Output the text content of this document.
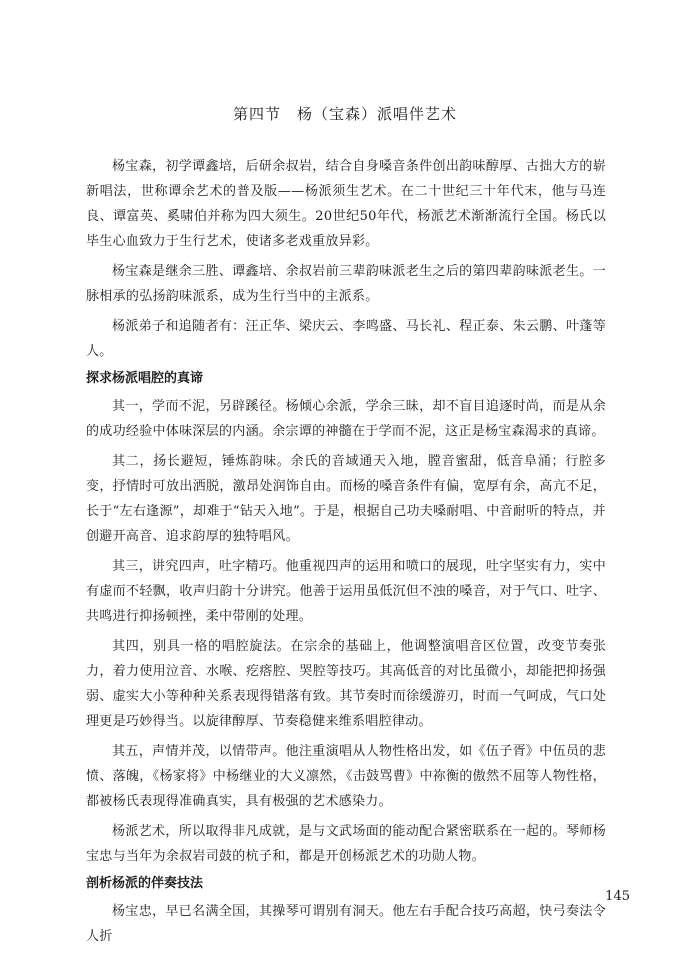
第四节　杨（宝森）派唱伴艺术

杨宝森，初学谭鑫培，后研余叔岩，结合自身嗓音条件创出韵味醇厚、古拙大方的崭新唱法，世称谭余艺术的普及版——杨派须生艺术。在二十世纪三十年代末，他与马连良、谭富英、奚啸伯并称为四大须生。20世纪50年代，杨派艺术渐渐流行全国。杨氏以毕生心血致力于生行艺术，使诸多老戏重放异彩。

杨宝森是继余三胜、谭鑫培、余叔岩前三辈韵味派老生之后的第四辈韵味派老生。一脉相承的弘扬韵味派系，成为生行当中的主派系。

杨派弟子和追随者有：汪正华、梁庆云、李鸣盛、马长礼、程正泰、朱云鹏、叶蓬等人。

探求杨派唱腔的真谛

其一，学而不泥，另辟蹊径。杨倾心余派，学余三昧，却不盲目追逐时尚，而是从余的成功经验中体味深层的内涵。余宗谭的神髓在于学而不泥，这正是杨宝森渴求的真谛。

其二，扬长避短，锤炼韵味。余氏的音域通天入地，膛音蜜甜，低音阜涌；行腔多变，抒情时可放出洒脱，激昂处润饰自由。而杨的嗓音条件有偏，宽厚有余，高亢不足，长于“左右逢源”，却难于“钻天入地”。于是，根据自己功夫嗓耐唱、中音耐听的特点，并创避开高音、追求韵厚的独特唱风。

其三，讲究四声，吐字精巧。他重视四声的运用和喷口的展现，吐字坚实有力，实中有虚而不轻飘，收声归韵十分讲究。他善于运用虽低沉但不浊的嗓音，对于气口、吐字、共鸣进行抑扬顿挫，柔中带刚的处理。

其四，别具一格的唱腔旋法。在宗余的基础上，他调整演唱音区位置，改变节奏张力，着力使用泣音、水喉、疙瘩腔、哭腔等技巧。其高低音的对比虽微小，却能把抑扬强弱、虚实大小等种种关系表现得错落有致。其节奏时而徐缓游刃，时而一气呵成，气口处理更是巧妙得当。以旋律醇厚、节奏稳健来维系唱腔律动。

其五，声情并茂，以情带声。他注重演唱从人物性格出发，如《伍子胥》中伍员的悲愤、落魄，《杨家将》中杨继业的大义凛然，《击鼓骂曹》中祢衡的傲然不屈等人物性格，都被杨氏表现得准确真实，具有极强的艺术感染力。

杨派艺术，所以取得非凡成就，是与文武场面的能动配合紧密联系在一起的。琴师杨宝忠与当年为余叔岩司鼓的杭子和，都是开创杨派艺术的功勋人物。

剖析杨派的伴奏技法

杨宝忠，早已名满全国，其操琴可谓别有洞天。他左右手配合技巧高超，快弓奏法令人折

145
